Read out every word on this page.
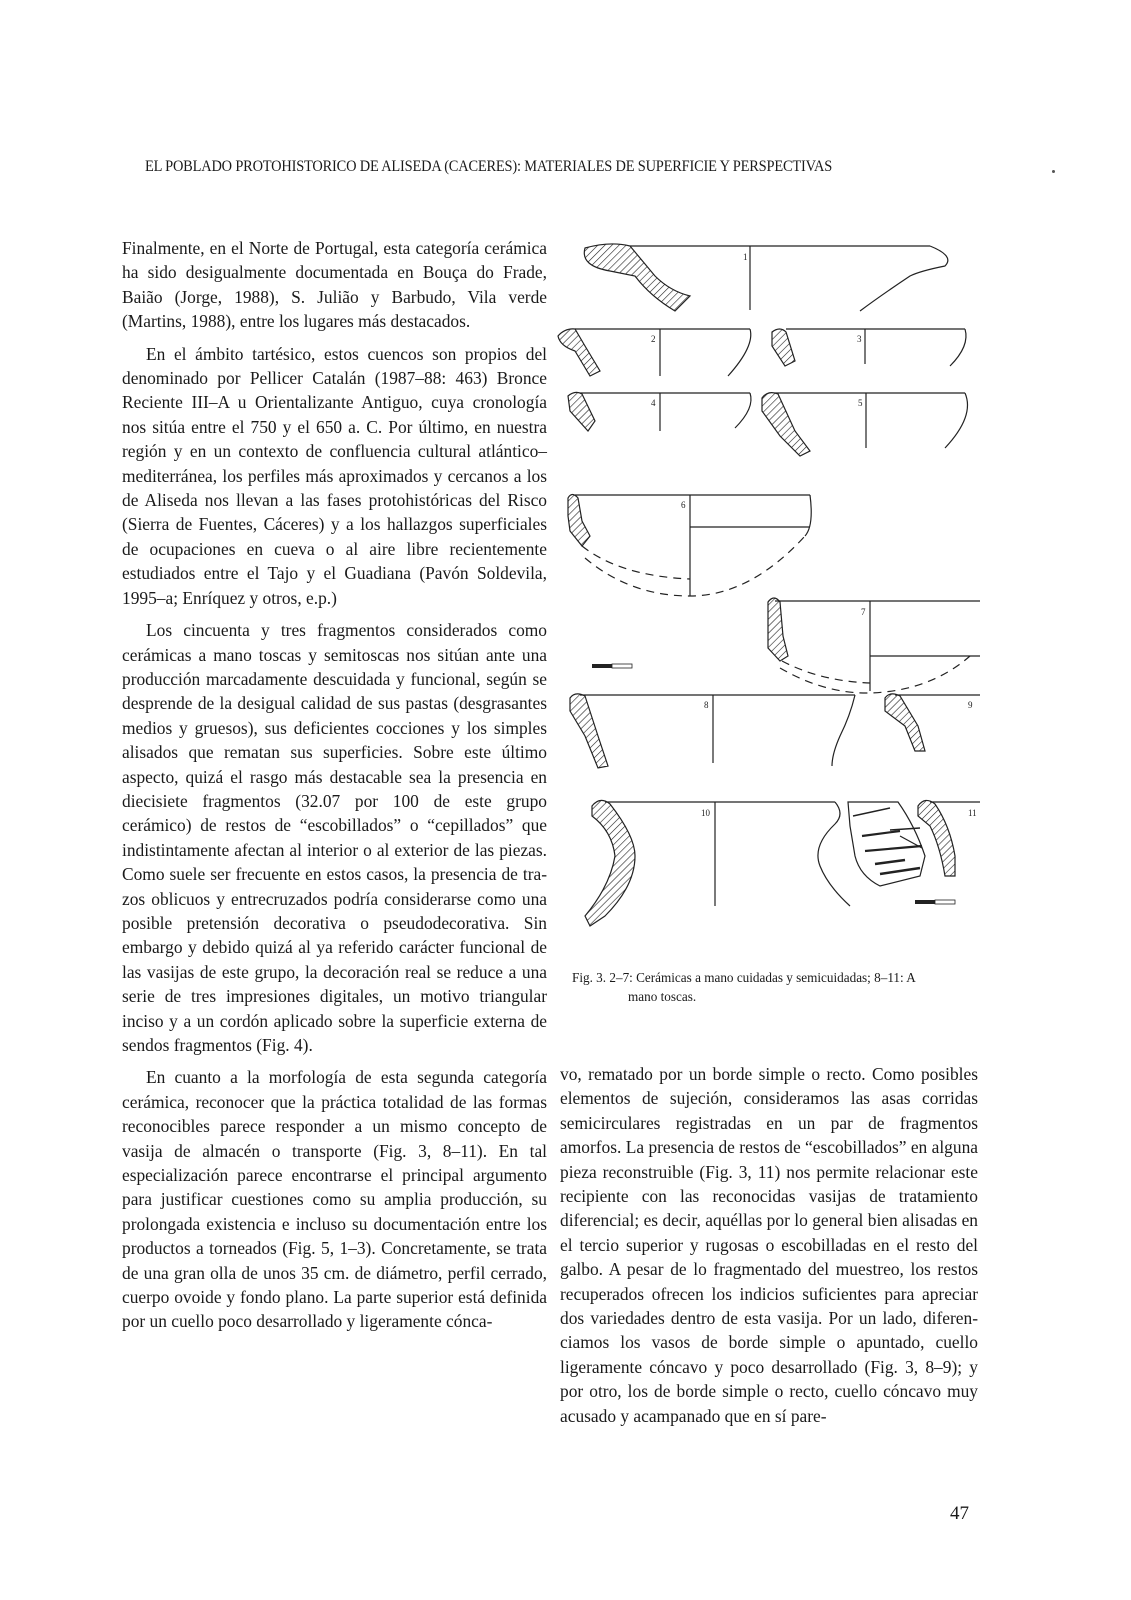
EL POBLADO PROTOHISTORICO DE ALISEDA (CACERES): MATERIALES DE SUPERFICIE Y PERSPECTIVAS

Finalmente, en el Norte de Portugal, esta categoría cerámica ha sido desigualmente documentada en Bouça do Frade, Baião (Jorge, 1988), S. Julião y Barbudo, Vila verde (Martins, 1988), entre los lugares más destacados.

En el ámbito tartésico, estos cuencos son propios del denominado por Pellicer Catalán (1987–88: 463) Bronce Reciente III–A u Orientalizante Antiguo, cuya cronología nos sitúa entre el 750 y el 650 a. C. Por último, en nuestra región y en un contexto de confluencia cultural atlántico–mediterránea, los perfiles más aproximados y cercanos a los de Aliseda nos llevan a las fases protohistóricas del Risco (Sierra de Fuentes, Cáceres) y a los hallazgos superficiales de ocupaciones en cueva o al aire libre recientemente estudiados entre el Tajo y el Guadiana (Pavón Soldevila, 1995–a; Enríquez y otros, e.p.)

Los cincuenta y tres fragmentos considerados como cerámicas a mano toscas y semitoscas nos sitúan ante una producción marcadamente descuidada y funcional, según se desprende de la desigual calidad de sus pastas (desgrasantes medios y gruesos), sus deficientes cocciones y los simples alisados que rematan sus superficies. Sobre este último aspecto, quizá el rasgo más destacable sea la presencia en diecisiete fragmentos (32.07 por 100 de este grupo cerámico) de restos de “escobillados” o “cepillados” que indistintamente afectan al interior o al exterior de las piezas. Como suele ser frecuente en estos casos, la presencia de trazos oblicuos y entrecruzados podría considerarse como una posible pretensión decorativa o pseudodecorativa. Sin embargo y debido quizá al ya referido carácter funcional de las vasijas de este grupo, la decoración real se reduce a una serie de tres impresiones digitales, un motivo triangular inciso y a un cordón aplicado sobre la superficie externa de sendos fragmentos (Fig. 4).

En cuanto a la morfología de esta segunda categoría cerámica, reconocer que la práctica totalidad de las formas reconocibles parece responder a un mismo concepto de vasija de almacén o transporte (Fig. 3, 8–11). En tal especialización parece encontrarse el principal argumento para justificar cuestiones como su amplia producción, su prolongada existencia e incluso su documentación entre los productos a torneados (Fig. 5, 1–3). Concretamente, se trata de una gran olla de unos 35 cm. de diámetro, perfil cerrado, cuerpo ovoide y fondo plano. La parte superior está definida por un cuello poco desarrollado y ligeramente cónca-

1
2	3
4	5
6
7
8	9
10	11
Fig. 3. 2–7: Cerámicas a mano cuidadas y semicuidadas; 8–11: A
mano toscas.

vo, rematado por un borde simple o recto. Como posibles elementos de sujeción, consideramos las asas corridas semicirculares registradas en un par de fragmentos amorfos. La presencia de restos de “escobillados” en alguna pieza reconstruible (Fig. 3, 11) nos permite relacionar este recipiente con las reconocidas vasijas de tratamiento diferencial; es decir, aquéllas por lo general bien alisadas en el tercio superior y rugosas o escobilladas en el resto del galbo. A pesar de lo fragmentado del muestreo, los restos recuperados ofrecen los indicios suficientes para apreciar dos variedades dentro de esta vasija. Por un lado, diferenciamos los vasos de borde simple o apuntado, cuello ligeramente cóncavo y poco desarrollado (Fig. 3, 8–9); y por otro, los de borde simple o recto, cuello cóncavo muy acusado y acampanado que en sí pare-

47
